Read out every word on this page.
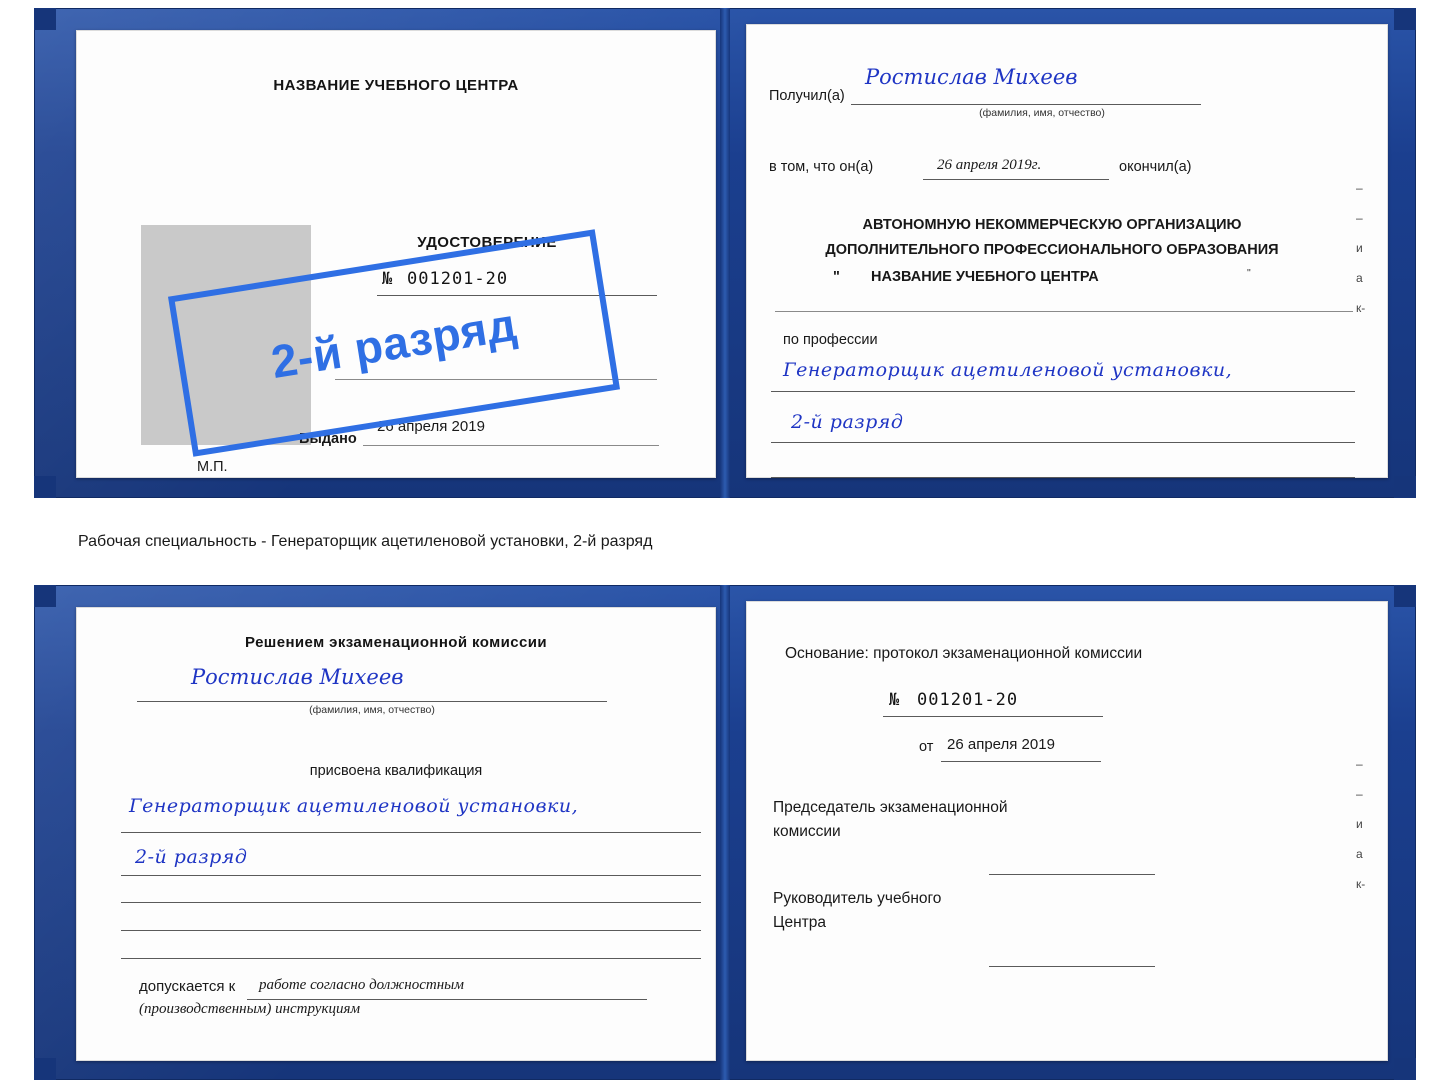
НАЗВАНИЕ УЧЕБНОГО ЦЕНТРА
УДОСТОВЕРЕНИЕ
№ 001201-20
26 апреля 2019
Выдано
М.П.
Получил(а)
Ростислав Михеев
(фамилия, имя, отчество)
в том, что он(а)	26 апреля 2019г.	окончил(а)
АВТОНОМНУЮ НЕКОММЕРЧЕСКУЮ ОРГАНИЗАЦИЮ
ДОПОЛНИТЕЛЬНОГО ПРОФЕССИОНАЛЬНОГО ОБРАЗОВАНИЯ
" НАЗВАНИЕ УЧЕБНОГО ЦЕНТРА	"
по профессии
Генераторщик ацетиленовой установки,
2-й разряд
–
–
и
а
к-
2-й разряд
Рабочая специальность - Генераторщик ацетиленовой установки, 2-й разряд
Решением экзаменационной комиссии
Ростислав Михеев
(фамилия, имя, отчество)
присвоена квалификация
Генераторщик ацетиленовой установки,
2-й разряд
допускается к работе согласно должностным
(производственным) инструкциям
Основание: протокол экзаменационной комиссии
№ 001201-20
от 26 апреля 2019
Председатель экзаменационной
комиссии
Руководитель учебного
Центра
–
–
и
а
к-
